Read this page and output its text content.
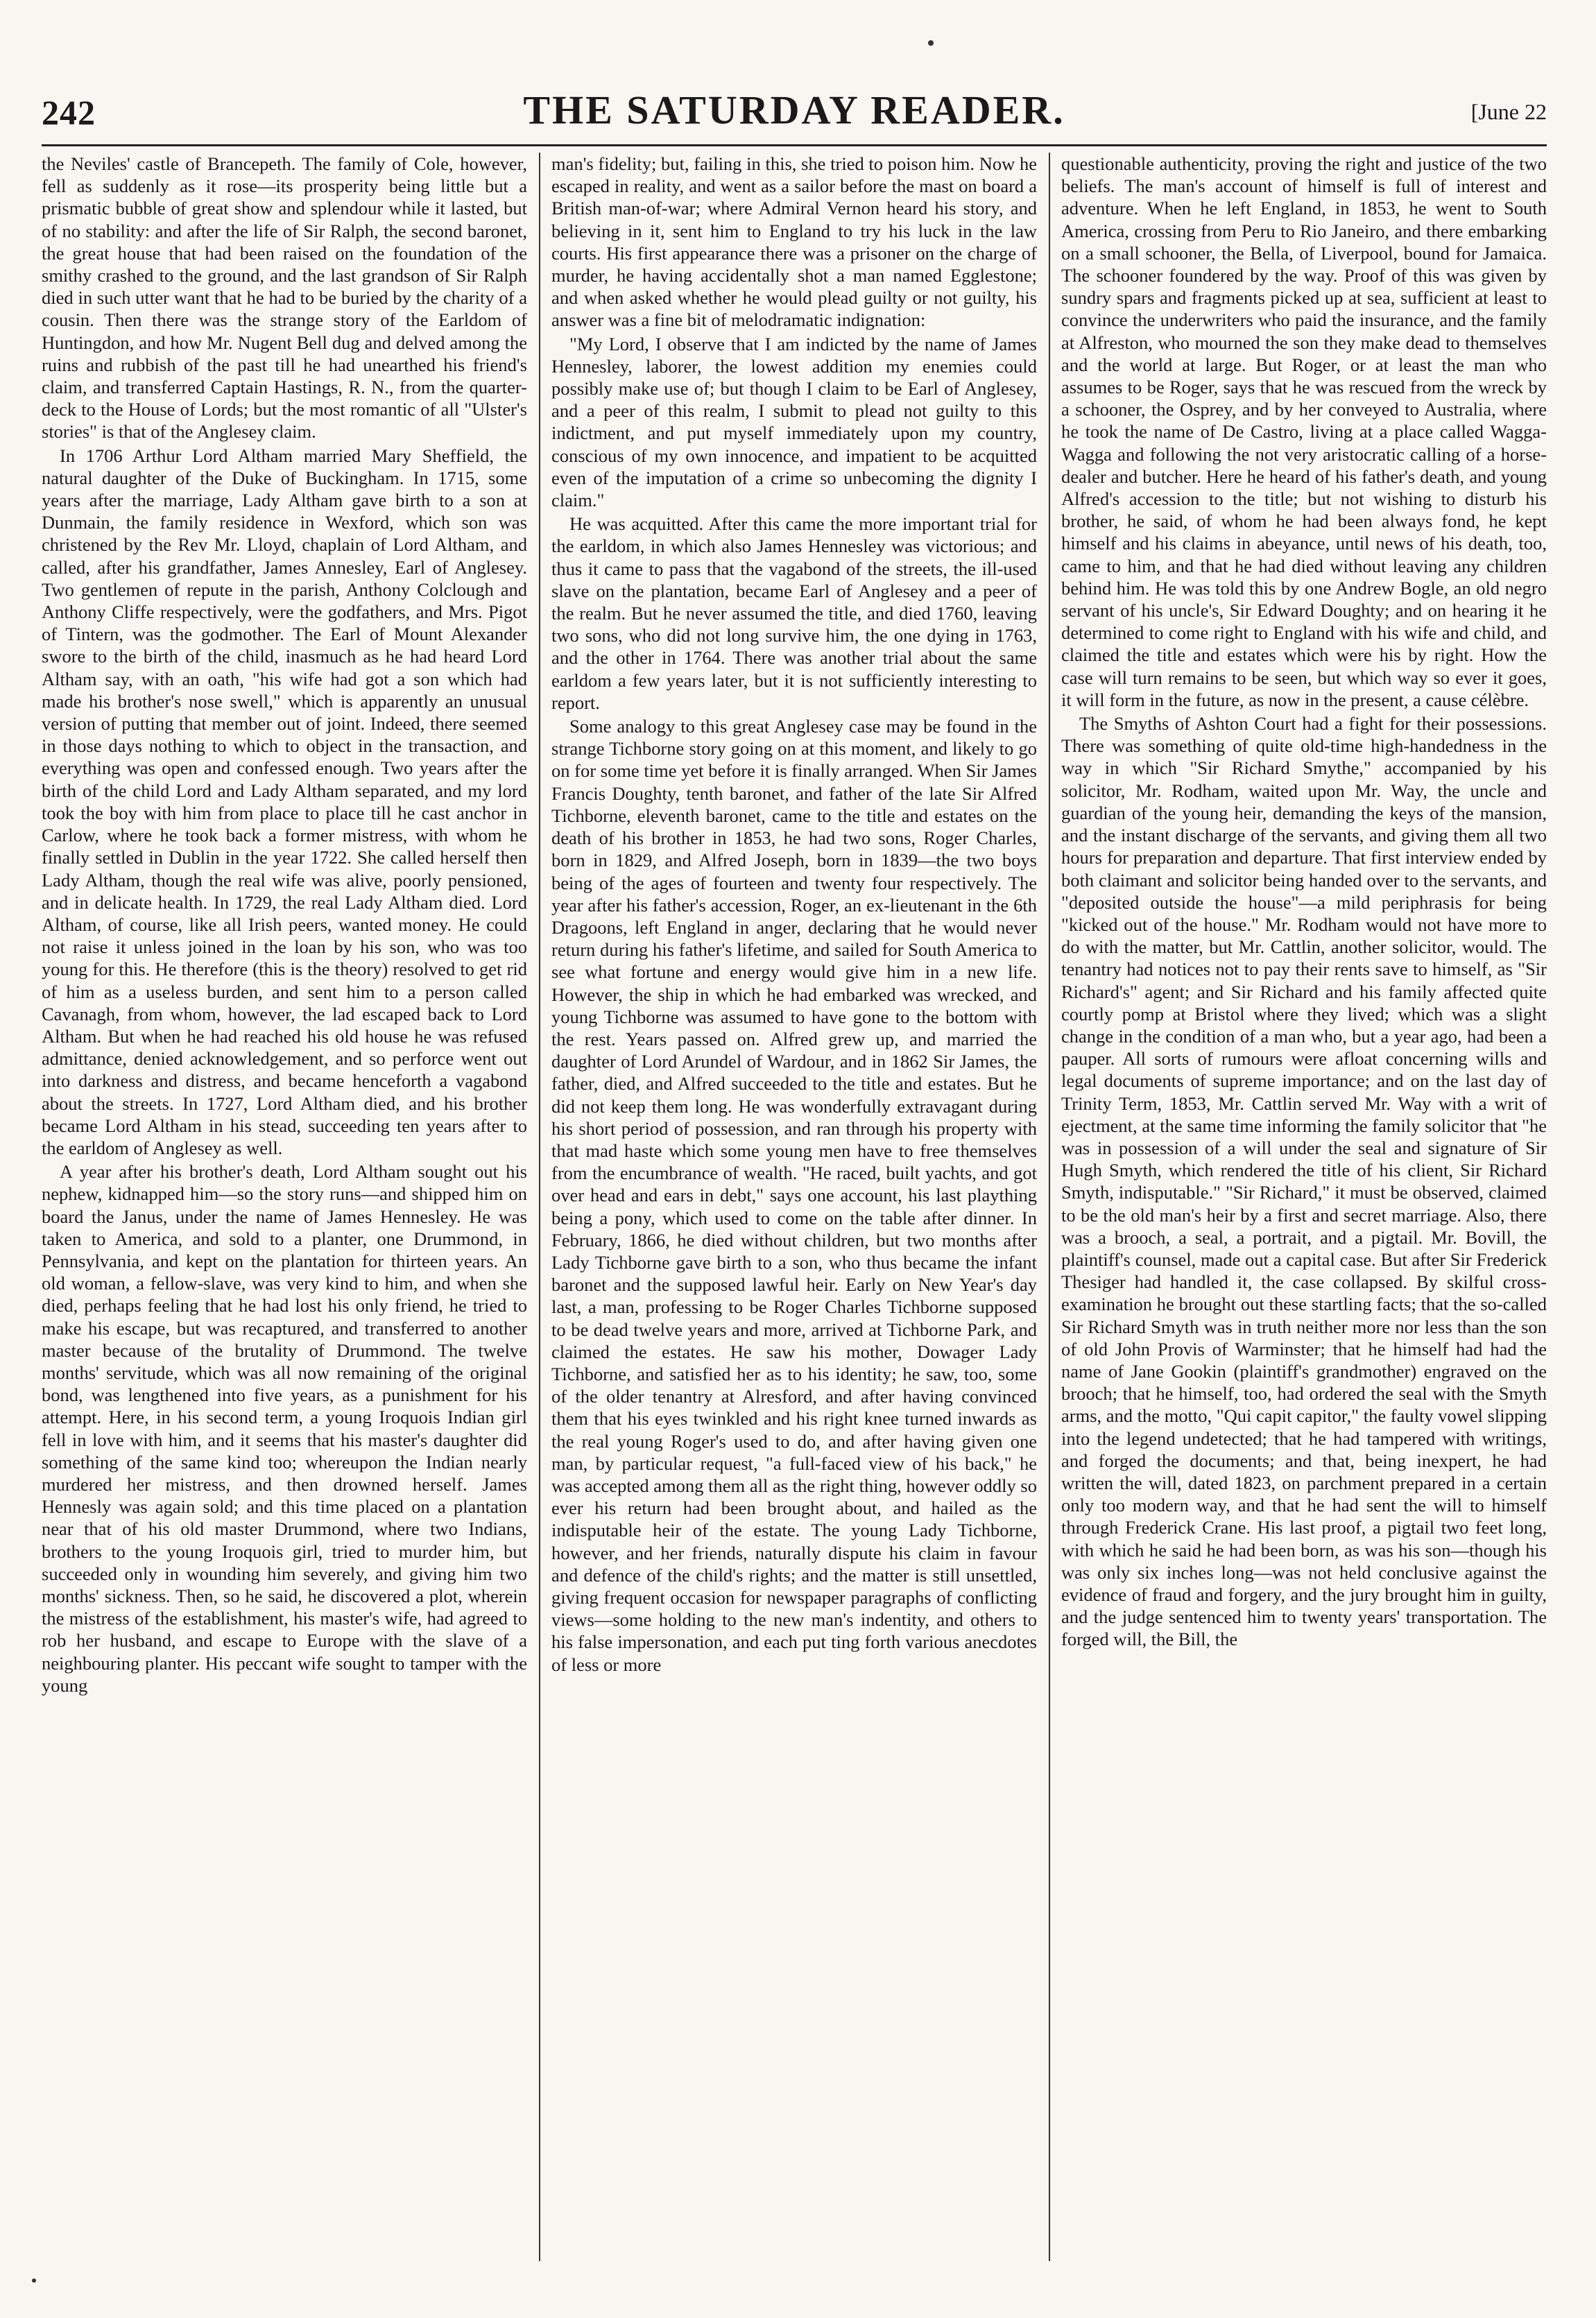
242	THE SATURDAY READER.	[June 22

the Neviles' castle of Brancepeth. The family of Cole, however, fell as suddenly as it rose—its prosperity being little but a prismatic bubble of great show and splendour while it lasted, but of no stability: and after the life of Sir Ralph, the second baronet, the great house that had been raised on the foundation of the smithy crashed to the ground, and the last grandson of Sir Ralph died in such utter want that he had to be buried by the charity of a cousin. Then there was the strange story of the Earldom of Huntingdon, and how Mr. Nugent Bell dug and delved among the ruins and rubbish of the past till he had unearthed his friend's claim, and transferred Captain Hastings, R. N., from the quarter-deck to the House of Lords; but the most romantic of all "Ulster's stories" is that of the Anglesey claim.

In 1706 Arthur Lord Altham married Mary Sheffield, the natural daughter of the Duke of Buckingham. In 1715, some years after the marriage, Lady Altham gave birth to a son at Dunmain, the family residence in Wexford, which son was christened by the Rev Mr. Lloyd, chaplain of Lord Altham, and called, after his grandfather, James Annesley, Earl of Anglesey. Two gentlemen of repute in the parish, Anthony Colclough and Anthony Cliffe respectively, were the godfathers, and Mrs. Pigot of Tintern, was the godmother. The Earl of Mount Alexander swore to the birth of the child, inasmuch as he had heard Lord Altham say, with an oath, "his wife had got a son which had made his brother's nose swell," which is apparently an unusual version of putting that member out of joint. Indeed, there seemed in those days nothing to which to object in the transaction, and everything was open and confessed enough. Two years after the birth of the child Lord and Lady Altham separated, and my lord took the boy with him from place to place till he cast anchor in Carlow, where he took back a former mistress, with whom he finally settled in Dublin in the year 1722. She called herself then Lady Altham, though the real wife was alive, poorly pensioned, and in delicate health. In 1729, the real Lady Altham died. Lord Altham, of course, like all Irish peers, wanted money. He could not raise it unless joined in the loan by his son, who was too young for this. He therefore (this is the theory) resolved to get rid of him as a useless burden, and sent him to a person called Cavanagh, from whom, however, the lad escaped back to Lord Altham. But when he had reached his old house he was refused admittance, denied acknowledgement, and so perforce went out into darkness and distress, and became henceforth a vagabond about the streets. In 1727, Lord Altham died, and his brother became Lord Altham in his stead, succeeding ten years after to the earldom of Anglesey as well.

A year after his brother's death, Lord Altham sought out his nephew, kidnapped him—so the story runs—and shipped him on board the Janus, under the name of James Hennesley. He was taken to America, and sold to a planter, one Drummond, in Pennsylvania, and kept on the plantation for thirteen years. An old woman, a fellow-slave, was very kind to him, and when she died, perhaps feeling that he had lost his only friend, he tried to make his escape, but was recaptured, and transferred to another master because of the brutality of Drummond. The twelve months' servitude, which was all now remaining of the original bond, was lengthened into five years, as a punishment for his attempt. Here, in his second term, a young Iroquois Indian girl fell in love with him, and it seems that his master's daughter did something of the same kind too; whereupon the Indian nearly murdered her mistress, and then drowned herself. James Hennesly was again sold; and this time placed on a plantation near that of his old master Drummond, where two Indians, brothers to the young Iroquois girl, tried to murder him, but succeeded only in wounding him severely, and giving him two months' sickness. Then, so he said, he discovered a plot, wherein the mistress of the establishment, his master's wife, had agreed to rob her husband, and escape to Europe with the slave of a neighbouring planter. His peccant wife sought to tamper with the young

man's fidelity; but, failing in this, she tried to poison him. Now he escaped in reality, and went as a sailor before the mast on board a British man-of-war; where Admiral Vernon heard his story, and believing in it, sent him to England to try his luck in the law courts. His first appearance there was a prisoner on the charge of murder, he having accidentally shot a man named Egglestone; and when asked whether he would plead guilty or not guilty, his answer was a fine bit of melodramatic indignation:

"My Lord, I observe that I am indicted by the name of James Hennesley, laborer, the lowest addition my enemies could possibly make use of; but though I claim to be Earl of Anglesey, and a peer of this realm, I submit to plead not guilty to this indictment, and put myself immediately upon my country, conscious of my own innocence, and impatient to be acquitted even of the imputation of a crime so unbecoming the dignity I claim."

He was acquitted. After this came the more important trial for the earldom, in which also James Hennesley was victorious; and thus it came to pass that the vagabond of the streets, the ill-used slave on the plantation, became Earl of Anglesey and a peer of the realm. But he never assumed the title, and died 1760, leaving two sons, who did not long survive him, the one dying in 1763, and the other in 1764. There was another trial about the same earldom a few years later, but it is not sufficiently interesting to report.

Some analogy to this great Anglesey case may be found in the strange Tichborne story going on at this moment, and likely to go on for some time yet before it is finally arranged. When Sir James Francis Doughty, tenth baronet, and father of the late Sir Alfred Tichborne, eleventh baronet, came to the title and estates on the death of his brother in 1853, he had two sons, Roger Charles, born in 1829, and Alfred Joseph, born in 1839—the two boys being of the ages of fourteen and twenty four respectively. The year after his father's accession, Roger, an ex-lieutenant in the 6th Dragoons, left England in anger, declaring that he would never return during his father's lifetime, and sailed for South America to see what fortune and energy would give him in a new life. However, the ship in which he had embarked was wrecked, and young Tichborne was assumed to have gone to the bottom with the rest. Years passed on. Alfred grew up, and married the daughter of Lord Arundel of Wardour, and in 1862 Sir James, the father, died, and Alfred succeeded to the title and estates. But he did not keep them long. He was wonderfully extravagant during his short period of possession, and ran through his property with that mad haste which some young men have to free themselves from the encumbrance of wealth. "He raced, built yachts, and got over head and ears in debt," says one account, his last plaything being a pony, which used to come on the table after dinner. In February, 1866, he died without children, but two months after Lady Tichborne gave birth to a son, who thus became the infant baronet and the supposed lawful heir. Early on New Year's day last, a man, professing to be Roger Charles Tichborne supposed to be dead twelve years and more, arrived at Tichborne Park, and claimed the estates. He saw his mother, Dowager Lady Tichborne, and satisfied her as to his identity; he saw, too, some of the older tenantry at Alresford, and after having convinced them that his eyes twinkled and his right knee turned inwards as the real young Roger's used to do, and after having given one man, by particular request, "a full-faced view of his back," he was accepted among them all as the right thing, however oddly so ever his return had been brought about, and hailed as the indisputable heir of the estate. The young Lady Tichborne, however, and her friends, naturally dispute his claim in favour and defence of the child's rights; and the matter is still unsettled, giving frequent occasion for newspaper paragraphs of conflicting views—some holding to the new man's indentity, and others to his false impersonation, and each put ting forth various anecdotes of less or more

questionable authenticity, proving the right and justice of the two beliefs. The man's account of himself is full of interest and adventure. When he left England, in 1853, he went to South America, crossing from Peru to Rio Janeiro, and there embarking on a small schooner, the Bella, of Liverpool, bound for Jamaica. The schooner foundered by the way. Proof of this was given by sundry spars and fragments picked up at sea, sufficient at least to convince the underwriters who paid the insurance, and the family at Alfreston, who mourned the son they make dead to themselves and the world at large. But Roger, or at least the man who assumes to be Roger, says that he was rescued from the wreck by a schooner, the Osprey, and by her conveyed to Australia, where he took the name of De Castro, living at a place called Wagga-Wagga and following the not very aristocratic calling of a horse-dealer and butcher. Here he heard of his father's death, and young Alfred's accession to the title; but not wishing to disturb his brother, he said, of whom he had been always fond, he kept himself and his claims in abeyance, until news of his death, too, came to him, and that he had died without leaving any children behind him. He was told this by one Andrew Bogle, an old negro servant of his uncle's, Sir Edward Doughty; and on hearing it he determined to come right to England with his wife and child, and claimed the title and estates which were his by right. How the case will turn remains to be seen, but which way so ever it goes, it will form in the future, as now in the present, a cause célèbre.

The Smyths of Ashton Court had a fight for their possessions. There was something of quite old-time high-handedness in the way in which "Sir Richard Smythe," accompanied by his solicitor, Mr. Rodham, waited upon Mr. Way, the uncle and guardian of the young heir, demanding the keys of the mansion, and the instant discharge of the servants, and giving them all two hours for preparation and departure. That first interview ended by both claimant and solicitor being handed over to the servants, and "deposited outside the house"—a mild periphrasis for being "kicked out of the house." Mr. Rodham would not have more to do with the matter, but Mr. Cattlin, another solicitor, would. The tenantry had notices not to pay their rents save to himself, as "Sir Richard's" agent; and Sir Richard and his family affected quite courtly pomp at Bristol where they lived; which was a slight change in the condition of a man who, but a year ago, had been a pauper. All sorts of rumours were afloat concerning wills and legal documents of supreme importance; and on the last day of Trinity Term, 1853, Mr. Cattlin served Mr. Way with a writ of ejectment, at the same time informing the family solicitor that "he was in possession of a will under the seal and signature of Sir Hugh Smyth, which rendered the title of his client, Sir Richard Smyth, indisputable." "Sir Richard," it must be observed, claimed to be the old man's heir by a first and secret marriage. Also, there was a brooch, a seal, a portrait, and a pigtail. Mr. Bovill, the plaintiff's counsel, made out a capital case. But after Sir Frederick Thesiger had handled it, the case collapsed. By skilful cross-examination he brought out these startling facts; that the so-called Sir Richard Smyth was in truth neither more nor less than the son of old John Provis of Warminster; that he himself had had the name of Jane Gookin (plaintiff's grandmother) engraved on the brooch; that he himself, too, had ordered the seal with the Smyth arms, and the motto, "Qui capit capitor," the faulty vowel slipping into the legend undetected; that he had tampered with writings, and forged the documents; and that, being inexpert, he had written the will, dated 1823, on parchment prepared in a certain only too modern way, and that he had sent the will to himself through Frederick Crane. His last proof, a pigtail two feet long, with which he said he had been born, as was his son—though his was only six inches long—was not held conclusive against the evidence of fraud and forgery, and the jury brought him in guilty, and the judge sentenced him to twenty years' transportation. The forged will, the Bill, the
